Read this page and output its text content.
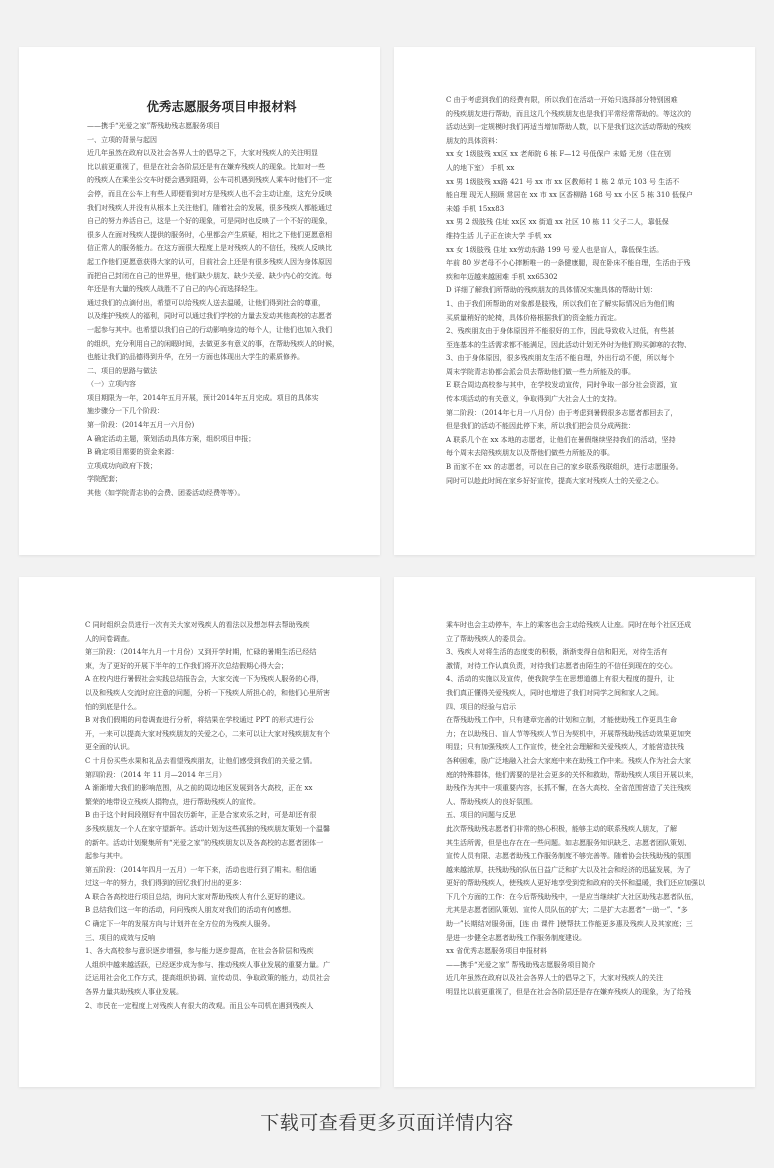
优秀志愿服务项目申报材料
——携手“光爱之家”帮残助残志愿服务项目
一、立项的背景与起因
近几年虽然在政府以及社会各界人士的倡导之下，大家对残疾人的关注明显
比以前更重视了，但是在社会各阶层还是有在嫌弃残疾人的现象。比如对一些
的残疾人在乘坐公交车时便会遇到阻碍，公车司机遇到残疾人乘车时他们不一定
会停，而且在公车上有些人即便看到对方是残疾人也不会主动让座，这充分反映
我们对残疾人并没有从根本上关注他们，随着社会的发展，很多残疾人都能通过
自己的努力养活自己，这是一个好的现象，可是同时也反映了一个不好的现象，
很多人在面对残疾人提供的服务时，心里都会产生质疑，相比之下他们更愿意相
信正常人的服务能力。在这方面很大程度上是对残疾人的不信任，残疾人反映比
起工作他们更愿意获得大家的认可，目前社会上还是有很多残疾人因为身体原因
而把自己封闭在自己的世界里，他们缺少朋友、缺少关爱、缺少内心的交流。每
年还是有大量的残疾人战胜不了自己的内心而选择轻生。
通过我们的点滴付出，希望可以给残疾人送去温暖，让他们得到社会的尊重，
以及维护残疾人的福利，同时可以通过我们学校的力量去发动其他高校的志愿者
一起参与其中。也希望以我们自己的行动影响身边的每个人，让他们也加入我们
的组织，充分利用自己的闲暇时间，去做更多有意义的事，在帮助残疾人的时候，
也能让我们的品德得到升华，在另一方面也体现出大学生的素质修养。
二、项目的思路与做法
（一）立项内容
项目期限为一年，2014年五月开展，预计2014年五月完成。项目的具体实
施步骤分一下几个阶段：
第一阶段：(2014年五月一六月份)
A 确定活动主题，策划活动具体方案，组织项目申报；
B 确定项目需要的资金来源：
立项成功向政府下拨；
学院配套；
其他（如学院青志协的会费、团委活动经费等等）。
C 由于考虑到我们的经费有限，所以我们在活动一开始只选择部分特别困难
的残疾朋友进行帮助，而且这几个残疾朋友也是我们平常经常帮助的。等这次的
活动达到一定规模时我们再适当增加帮助人数，以下是我们这次活动帮助的残疾
朋友的具体资料：
xx 女 1级肢残 xx区 xx 老师院 6 栋 F—12 号低保户 未婚 无房（住在别
人的地下室） 手机 xx
xx 男 1级肢残 xx路 421 号 xx 市 xx 区教师村 1 栋 2 单元 103 号 生活不
能自理 现无人照顾 常居在 xx 市 xx 区香柳路 168 号 xx 小区 5 栋 310 低保户
未婚 手机 15xx83
xx 男 2 级肢残 住址 xx区 xx 街道 xx 社区 10 栋 11 父子二人，靠低保
维持生活 儿子正在读大学 手机 xx
xx 女 1级肢残 住址 xx劳动东路 199 号 爱人也是盲人，靠低保生活。
年前 80 岁老母不小心摔断唯一的一条健康腿，现在卧床不能自理，生活由于残
疾和年迈越来越困难 手机 xx65302
D 详细了解我们所帮助的残疾朋友的具体情况实施具体的帮助计划：
1、由于我们所帮助的对象都是肢残，所以我们在了解实际情况后为他们购
买质量稍好的轮椅，具体价格根据我们的资金能力而定。
2、残疾朋友由于身体原因并不能很好的工作，因此导致收入过低，有些甚
至连基本的生活需求都不能满足，因此活动计划无外时为他们购买御寒的衣物、
3、由于身体原因，很多残疾朋友生活不能自理，外出行动不便，所以每个
周末学院青志协都会派会员去帮助他们做一些力所能及的事。
E 联合周边高校参与其中，在学校发动宣传，同时争取一部分社会资源，宣
传本项活动的有关意义，争取得到广大社会人士的支持。
第二阶段：（2014年七月一八月份）由于考虑到暑假很多志愿者都回去了，
但是我们的活动不能因此停下来，所以我们把会员分成两批：
A 联系几个在 xx 本地的志愿者，让他们在暑假继续坚持我们的活动，坚持
每个周末去陪残疾朋友以及帮他们做些力所能及的事。
B 而家不在 xx 的志愿者，可以在自己的家乡联系残联组织，进行志愿服务。
同时可以趁此时间在家乡好好宣传，提高大家对残疾人士的关爱之心。
C 同时组织会员进行一次有关大家对残疾人的看法以及想怎样去帮助残疾
人的问卷调查。
第三阶段：（2014年九月一十月份）又到开学时期，忙碌的暑期生活已经结
束，为了更好的开展下半年的工作我们将开次总结假期心得大会；
A 在校内进行暑假社会实践总结报告会，大家交流一下为残疾人服务的心得，
以及和残疾人交流时应注意的问题，分析一下残疾人所担心的，和他们心里所害
怕的到底是什么。
B 对我们假期的问卷调查进行分析，将结果在学校通过 PPT 的形式进行公
开，一来可以提高大家对残疾朋友的关爱之心，二来可以让大家对残疾朋友有个
更全面的认识。
C 十月份买些水果和礼品去看望残疾朋友，让他们感受到我们的关爱之情。
第四阶段：（2014 年 11 月—2014 年三月）
A 渐渐增大我们的影响范围，从之前的周边地区发展到各大高校，正在 xx
繁荣的地带设立残疾人捐物点，进行帮助残疾人的宣传。
B 由于这个时间段刚好有中国农历新年，正是合家欢乐之时，可是却还有很
多残疾朋友一个人在家守望新年。活动计划为这些孤独的残疾朋友策划一个温馨
的新年。活动计划聚集所有“光爱之家”的残疾朋友以及各高校的志愿者团体一
起参与其中。
第五阶段：（2014年四月一五月）一年下来，活动也进行到了期末。相信通
过这一年的努力，我们得到的回忆我们付出的更多：
A 联合各高校进行项目总结，询问大家对帮助残疾人有什么更好的建议。
B 总结我们这一年的活动，问问残疾人朋友对我们的活动有何感想。
C 确定下一年的发展方向与计划并在全方位的为残疾人服务。
三、项目的成效与反响
1、各大高校参与意识逐步增强，参与能力逐步提高，在社会各阶层和残疾
人组织中越来越活跃，已经逐步成为参与、推动残疾人事业发展的重要力量。广
泛运用社会化工作方式，提高组织协调、宣传动员、争取政策的能力，动员社会
各界力量共助残疾人事业发展。
2、市民在一定程度上对残疾人有很大的改观。而且公车司机在遇到残疾人
乘车时也会主动停车，车上的乘客也会主动给残疾人让座。同时在每个社区还成
立了帮助残疾人的委员会。
3、残疾人对将生活的态度变的积极，渐渐变得自信和阳光，对待生活有
激情，对待工作认真负责，对待我们志愿者由陌生的不信任到现在的交心。
4、活动的实施以及宣传，使我院学生在思想道德上有很大程度的提升，让
我们真正懂得关爱残疾人，同时也增进了我们对同学之间和家人之间。
四、项目的经验与启示
在帮残助残工作中，只有建章完善的计划和立制，才能使助残工作更具生命
力；在以助残日、盲人节等残疾人节日为契机中，开展帮残助残活动效果更加突
明显；只有加强残疾人工作宣传，使全社会理解和关爱残疾人，才能营造扶残
各种困难，励广泛地融入社会大家庭中来在助残工作中来。残疾人作为社会大家
庭的特殊群体，他们需要的是社会更多的关怀和救助，帮助残疾人项目开展以来，
助残作为其中一项重要内容，长抓不懈，在各大高校、全省范围营造了关注残疾
人、帮助残疾人的良好氛围。
五、项目的问题与反思
此次帮残助残志愿者们非常的热心积极，能够主动的联系残疾人朋友，了解
其生活所需，但是也存在在一些问题。如志愿服务知识缺乏、志愿者团队策划、
宣传人员有限、志愿者助残工作服务制度不够完善等。随着协会扶残助残的氛围
越来越浓厚，扶残助残的队伍日益广泛和扩大以及社会和经济的迅猛发展，为了
更好的帮助残疾人，使残疾人更好地享受到党和政府的关怀和温暖，我们还应加强以
下几个方面的工作：在今后帮残助残中，一是应当继续扩大社区助残志愿者队伍，
尤其是志愿者团队策划、宣传人员队伍的扩大；二是扩大志愿者“一助一”、“多
助一”长期结对服务面，[连 由 课件 ]使帮扶工作能更多惠及残疾人及其家庭；三
是进一步健全志愿者助残工作服务制度建设。
xx 省优秀志愿服务项目申报材料
——携手“光爱之家” 帮残助残志愿服务项目简介
近几年虽然在政府以及社会各界人士的倡导之下，大家对残疾人的关注
明显比以前更重视了，但是在社会各阶层还是存在嫌弃残疾人的现象，为了给残
下载可查看更多页面详情内容
